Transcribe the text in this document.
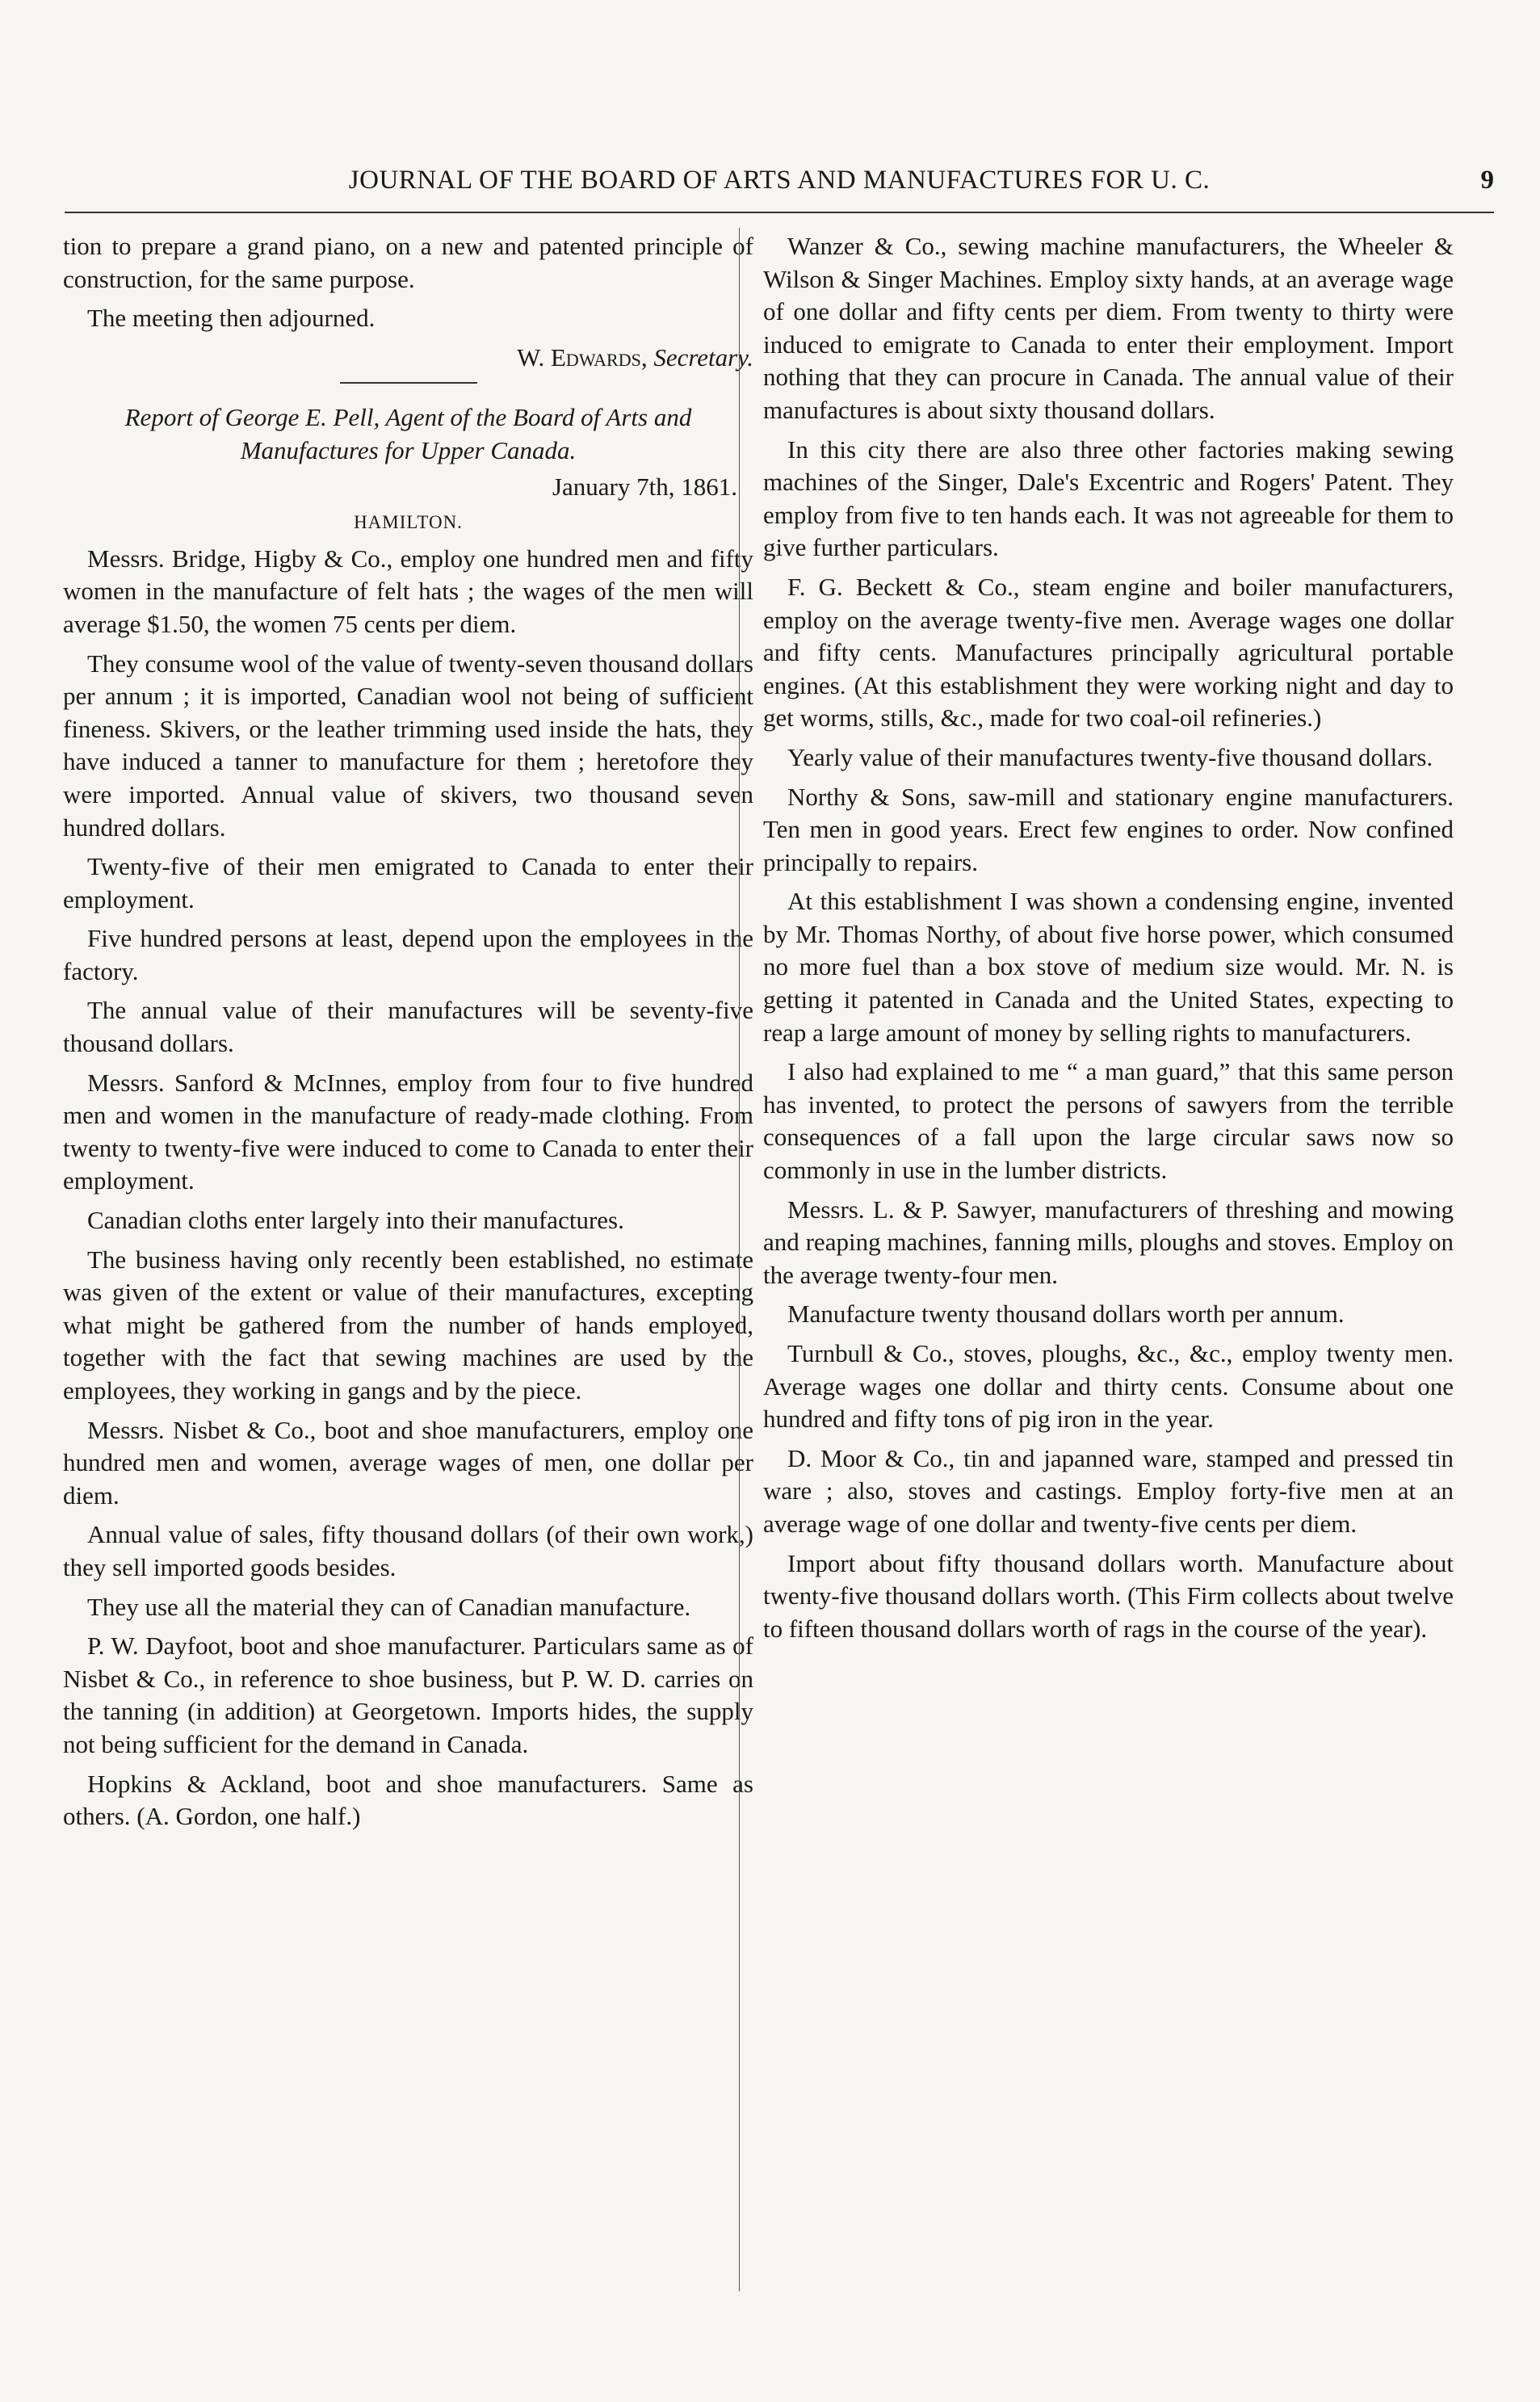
JOURNAL OF THE BOARD OF ARTS AND MANUFACTURES FOR U. C.	9

tion to prepare a grand piano, on a new and patented principle of construction, for the same purpose.

The meeting then adjourned.

W. Edwards, Secretary.
Report of George E. Pell, Agent of the Board of Arts and Manufactures for Upper Canada.
January 7th, 1861.
HAMILTON.

Messrs. Bridge, Higby & Co., employ one hundred men and fifty women in the manufacture of felt hats ; the wages of the men will average $1.50, the women 75 cents per diem.

They consume wool of the value of twenty-seven thousand dollars per annum ; it is imported, Canadian wool not being of sufficient fineness. Skivers, or the leather trimming used inside the hats, they have induced a tanner to manufacture for them ; heretofore they were imported. Annual value of skivers, two thousand seven hundred dollars.

Twenty-five of their men emigrated to Canada to enter their employment.

Five hundred persons at least, depend upon the employees in the factory.

The annual value of their manufactures will be seventy-five thousand dollars.

Messrs. Sanford & McInnes, employ from four to five hundred men and women in the manufacture of ready-made clothing. From twenty to twenty-five were induced to come to Canada to enter their employment.

Canadian cloths enter largely into their manufactures.

The business having only recently been established, no estimate was given of the extent or value of their manufactures, excepting what might be gathered from the number of hands employed, together with the fact that sewing machines are used by the employees, they working in gangs and by the piece.

Messrs. Nisbet & Co., boot and shoe manufacturers, employ one hundred men and women, average wages of men, one dollar per diem.

Annual value of sales, fifty thousand dollars (of their own work,) they sell imported goods besides.

They use all the material they can of Canadian manufacture.

P. W. Dayfoot, boot and shoe manufacturer. Particulars same as of Nisbet & Co., in reference to shoe business, but P. W. D. carries on the tanning (in addition) at Georgetown. Imports hides, the supply not being sufficient for the demand in Canada.

Hopkins & Ackland, boot and shoe manufacturers. Same as others. (A. Gordon, one half.)

Wanzer & Co., sewing machine manufacturers, the Wheeler & Wilson & Singer Machines. Employ sixty hands, at an average wage of one dollar and fifty cents per diem. From twenty to thirty were induced to emigrate to Canada to enter their employment. Import nothing that they can procure in Canada. The annual value of their manufactures is about sixty thousand dollars.

In this city there are also three other factories making sewing machines of the Singer, Dale's Excentric and Rogers' Patent. They employ from five to ten hands each. It was not agreeable for them to give further particulars.

F. G. Beckett & Co., steam engine and boiler manufacturers, employ on the average twenty-five men. Average wages one dollar and fifty cents. Manufactures principally agricultural portable engines. (At this establishment they were working night and day to get worms, stills, &c., made for two coal-oil refineries.)

Yearly value of their manufactures twenty-five thousand dollars.

Northy & Sons, saw-mill and stationary engine manufacturers. Ten men in good years. Erect few engines to order. Now confined principally to repairs.

At this establishment I was shown a condensing engine, invented by Mr. Thomas Northy, of about five horse power, which consumed no more fuel than a box stove of medium size would. Mr. N. is getting it patented in Canada and the United States, expecting to reap a large amount of money by selling rights to manufacturers.

I also had explained to me “ a man guard,” that this same person has invented, to protect the persons of sawyers from the terrible consequences of a fall upon the large circular saws now so commonly in use in the lumber districts.

Messrs. L. & P. Sawyer, manufacturers of threshing and mowing and reaping machines, fanning mills, ploughs and stoves. Employ on the average twenty-four men.

Manufacture twenty thousand dollars worth per annum.

Turnbull & Co., stoves, ploughs, &c., &c., employ twenty men. Average wages one dollar and thirty cents. Consume about one hundred and fifty tons of pig iron in the year.

D. Moor & Co., tin and japanned ware, stamped and pressed tin ware ; also, stoves and castings. Employ forty-five men at an average wage of one dollar and twenty-five cents per diem.

Import about fifty thousand dollars worth. Manufacture about twenty-five thousand dollars worth. (This Firm collects about twelve to fifteen thousand dollars worth of rags in the course of the year).
